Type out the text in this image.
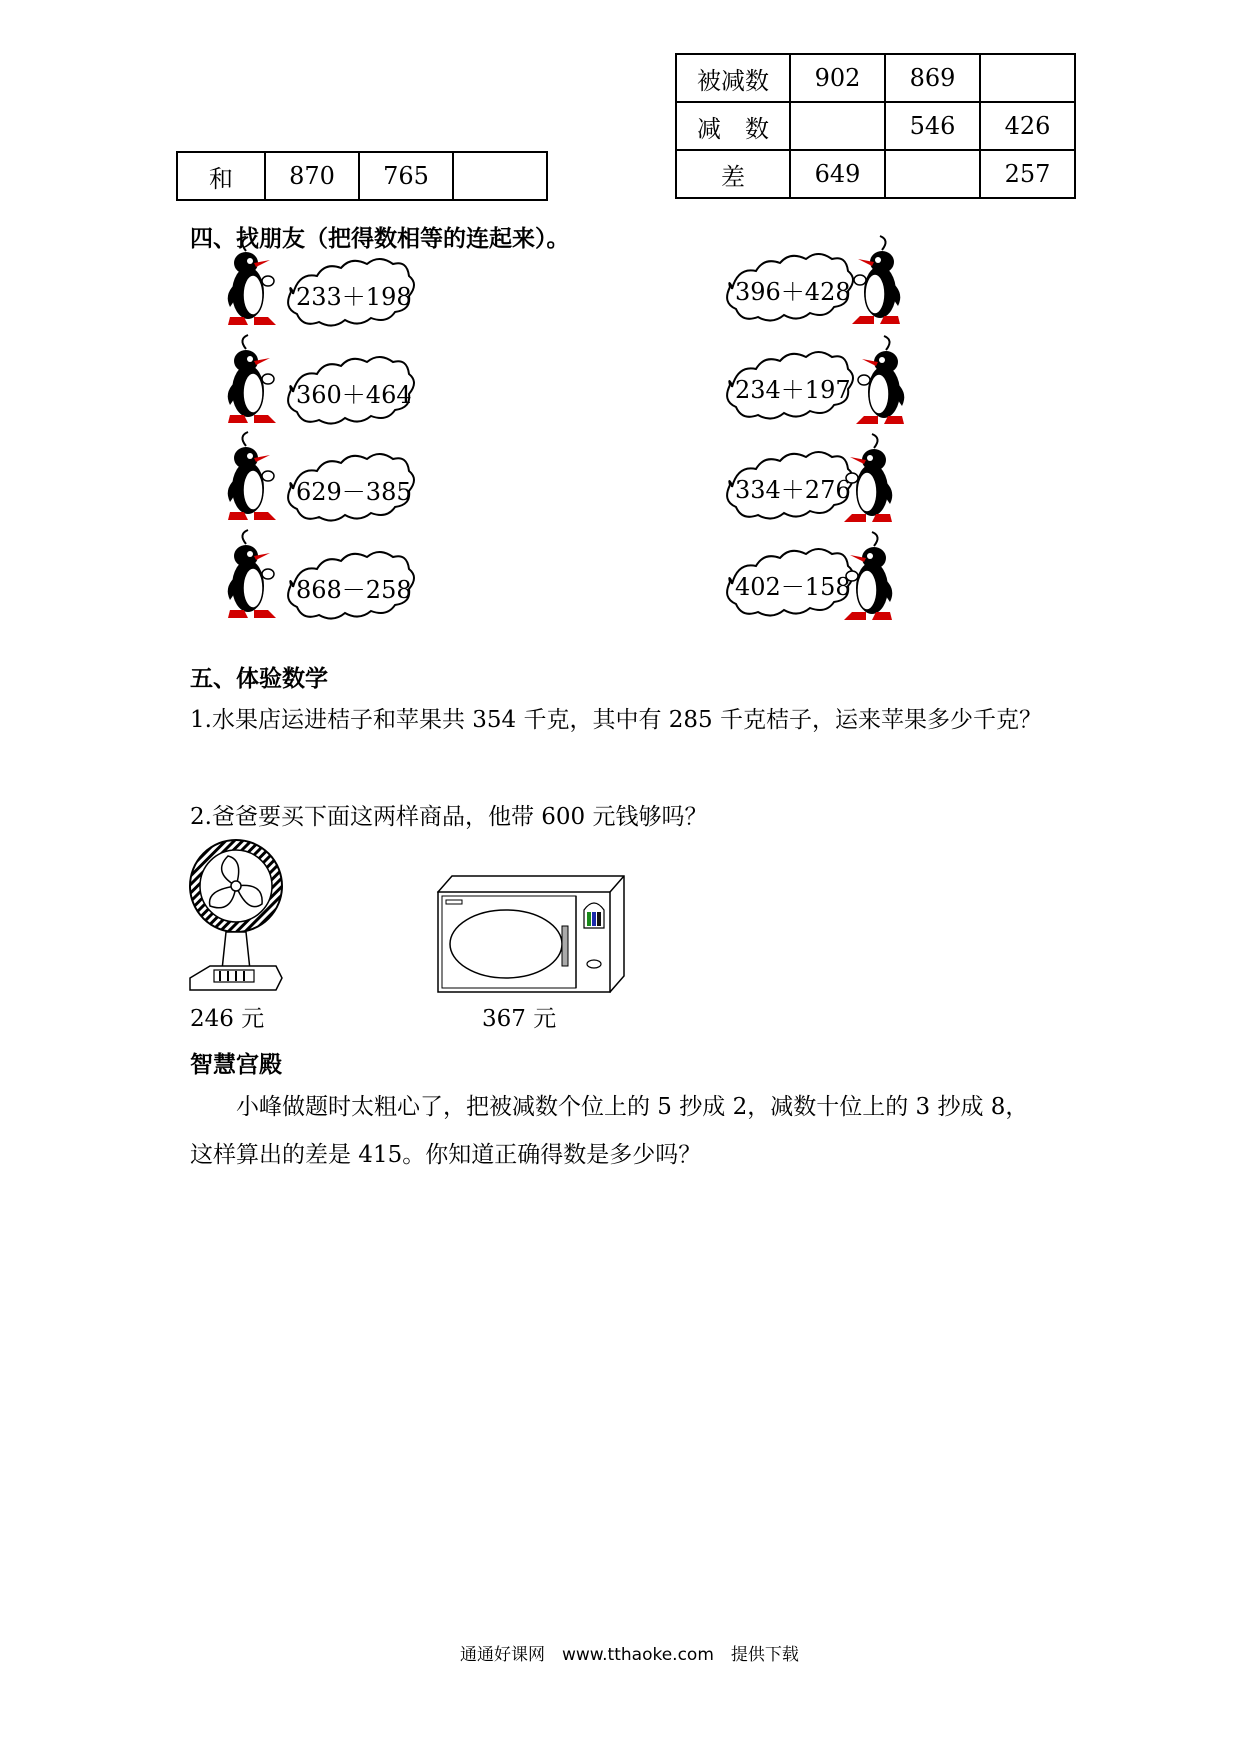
和	870	765	
被减数	902	869	
减　数		546	426
差	649		257
四、找朋友（把得数相等的连起来）。
233＋198
360＋464
629－385
868－258
396＋428
234＋197
334＋276
402－158
五、体验数学
1.水果店运进桔子和苹果共 354 千克，其中有 285 千克桔子，运来苹果多少千克？
2.爸爸要买下面这两样商品，他带 600 元钱够吗？
246 元	367 元
智慧宫殿
小峰做题时太粗心了，把被减数个位上的 5 抄成 2，减数十位上的 3 抄成 8，
这样算出的差是 415。你知道正确得数是多少吗？
通通好课网　www.tthaoke.com　提供下载
